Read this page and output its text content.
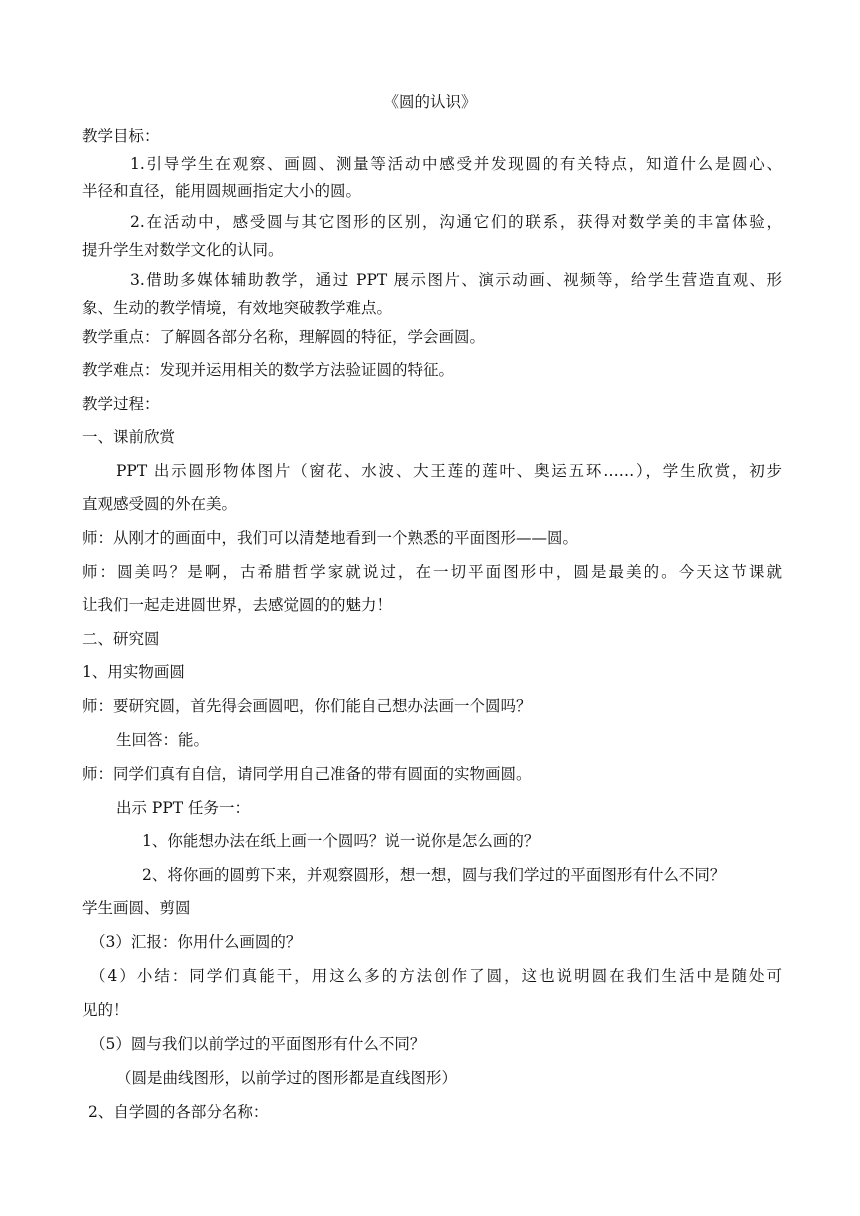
《圆的认识》
教学目标：
1.引导学生在观察、画圆、测量等活动中感受并发现圆的有关特点，知道什么是圆心、
半径和直径，能用圆规画指定大小的圆。
2.在活动中，感受圆与其它图形的区别，沟通它们的联系，获得对数学美的丰富体验，
提升学生对数学文化的认同。
3.借助多媒体辅助教学，通过 PPT 展示图片、演示动画、视频等，给学生营造直观、形
象、生动的教学情境，有效地突破教学难点。
教学重点：了解圆各部分名称，理解圆的特征，学会画圆。
教学难点：发现并运用相关的数学方法验证圆的特征。
教学过程：
一、课前欣赏
PPT 出示圆形物体图片（窗花、水波、大王莲的莲叶、奥运五环……），学生欣赏，初步
直观感受圆的外在美。
师：从刚才的画面中，我们可以清楚地看到一个熟悉的平面图形——圆。
师：圆美吗？是啊，古希腊哲学家就说过，在一切平面图形中，圆是最美的。今天这节课就
让我们一起走进圆世界，去感觉圆的的魅力！
二、研究圆
1、用实物画圆
师：要研究圆，首先得会画圆吧，你们能自己想办法画一个圆吗？
生回答：能。
师：同学们真有自信，请同学用自己准备的带有圆面的实物画圆。
出示 PPT 任务一：
1、你能想办法在纸上画一个圆吗？说一说你是怎么画的？
2、将你画的圆剪下来，并观察圆形，想一想，圆与我们学过的平面图形有什么不同？
学生画圆、剪圆
（3）汇报：你用什么画圆的？
（4）小结：同学们真能干，用这么多的方法创作了圆，这也说明圆在我们生活中是随处可
见的！
（5）圆与我们以前学过的平面图形有什么不同？
（圆是曲线图形，以前学过的图形都是直线图形）
2、自学圆的各部分名称：
